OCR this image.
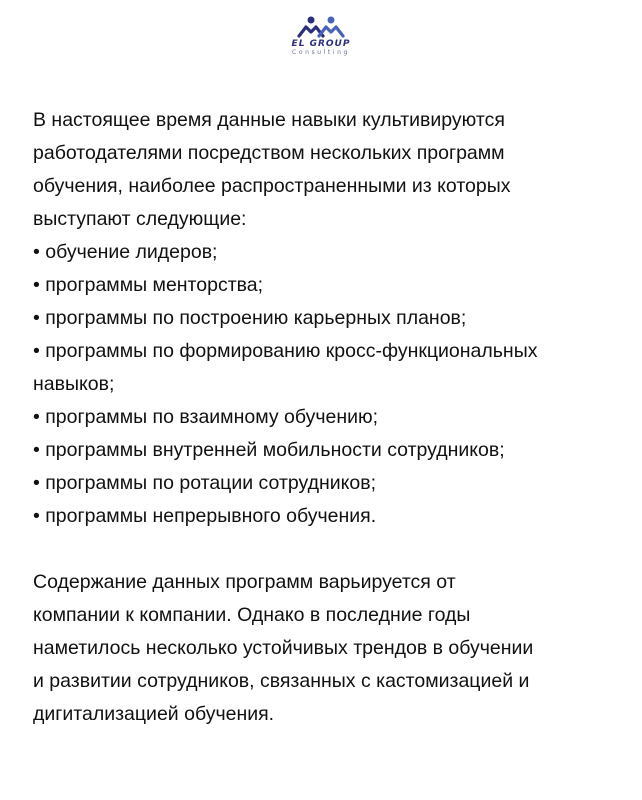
EL GROUP
Consulting

В настоящее время данные навыки культивируются

работодателями посредством нескольких программ

обучения, наиболее распространенными из которых

выступают следующие:

• обучение лидеров;

• программы менторства;

• программы по построению карьерных планов;

• программы по формированию кросс-функциональных

навыков;

• программы по взаимному обучению;

• программы внутренней мобильности сотрудников;

• программы по ротации сотрудников;

• программы непрерывного обучения.

Содержание данных программ варьируется от

компании к компании. Однако в последние годы

наметилось несколько устойчивых трендов в обучении

и развитии сотрудников, связанных с кастомизацией и

дигитализацией обучения.
